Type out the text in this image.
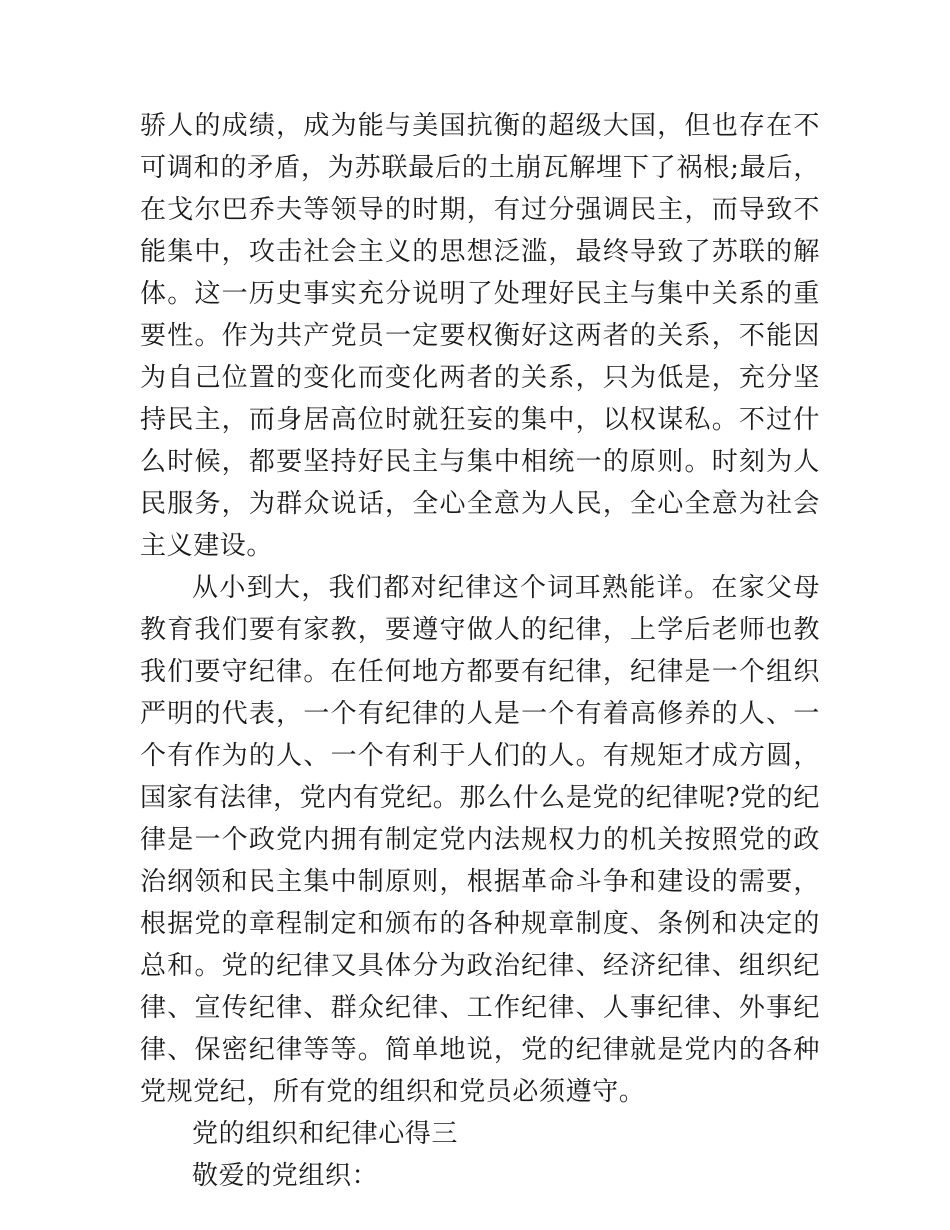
骄人的成绩，成为能与美国抗衡的超级大国，但也存在不可调和的矛盾，为苏联最后的土崩瓦解埋下了祸根;最后，在戈尔巴乔夫等领导的时期，有过分强调民主，而导致不能集中，攻击社会主义的思想泛滥，最终导致了苏联的解体。这一历史事实充分说明了处理好民主与集中关系的重要性。作为共产党员一定要权衡好这两者的关系，不能因为自己位置的变化而变化两者的关系，只为低是，充分坚持民主，而身居高位时就狂妄的集中，以权谋私。不过什么时候，都要坚持好民主与集中相统一的原则。时刻为人民服务，为群众说话，全心全意为人民，全心全意为社会主义建设。

从小到大，我们都对纪律这个词耳熟能详。在家父母教育我们要有家教，要遵守做人的纪律，上学后老师也教我们要守纪律。在任何地方都要有纪律，纪律是一个组织严明的代表，一个有纪律的人是一个有着高修养的人、一个有作为的人、一个有利于人们的人。有规矩才成方圆，国家有法律，党内有党纪。那么什么是党的纪律呢?党的纪律是一个政党内拥有制定党内法规权力的机关按照党的政治纲领和民主集中制原则，根据革命斗争和建设的需要，根据党的章程制定和颁布的各种规章制度、条例和决定的总和。党的纪律又具体分为政治纪律、经济纪律、组织纪律、宣传纪律、群众纪律、工作纪律、人事纪律、外事纪律、保密纪律等等。简单地说，党的纪律就是党内的各种党规党纪，所有党的组织和党员必须遵守。

党的组织和纪律心得三

敬爱的党组织：
